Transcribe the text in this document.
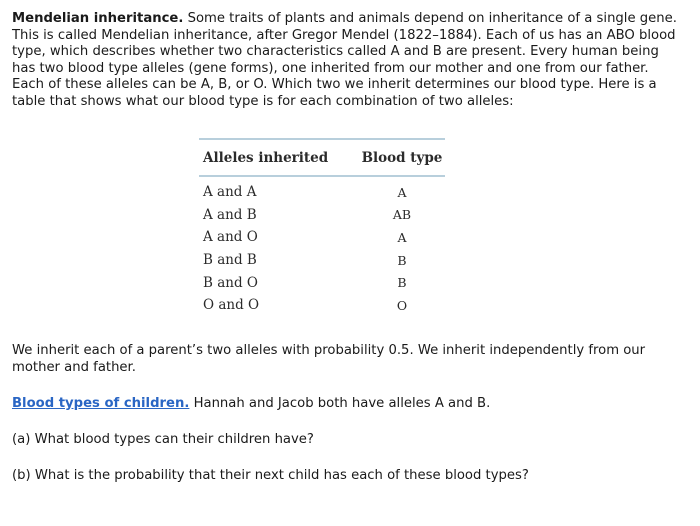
Mendelian inheritance. Some traits of plants and animals depend on inheritance of a single gene. This is called Mendelian inheritance, after Gregor Mendel (1822–1884). Each of us has an ABO blood type, which describes whether two characteristics called A and B are present. Every human being has two blood type alleles (gene forms), one inherited from our mother and one from our father. Each of these alleles can be A, B, or O. Which two we inherit determines our blood type. Here is a table that shows what our blood type is for each combination of two alleles:
Alleles inherited	Blood type
A and A	A
A and B	AB
A and O	A
B and B	B
B and O	B
O and O	O
We inherit each of a parent’s two alleles with probability 0.5. We inherit independently from our mother and father.
Blood types of children. Hannah and Jacob both have alleles A and B.
(a) What blood types can their children have?
(b) What is the probability that their next child has each of these blood types?
